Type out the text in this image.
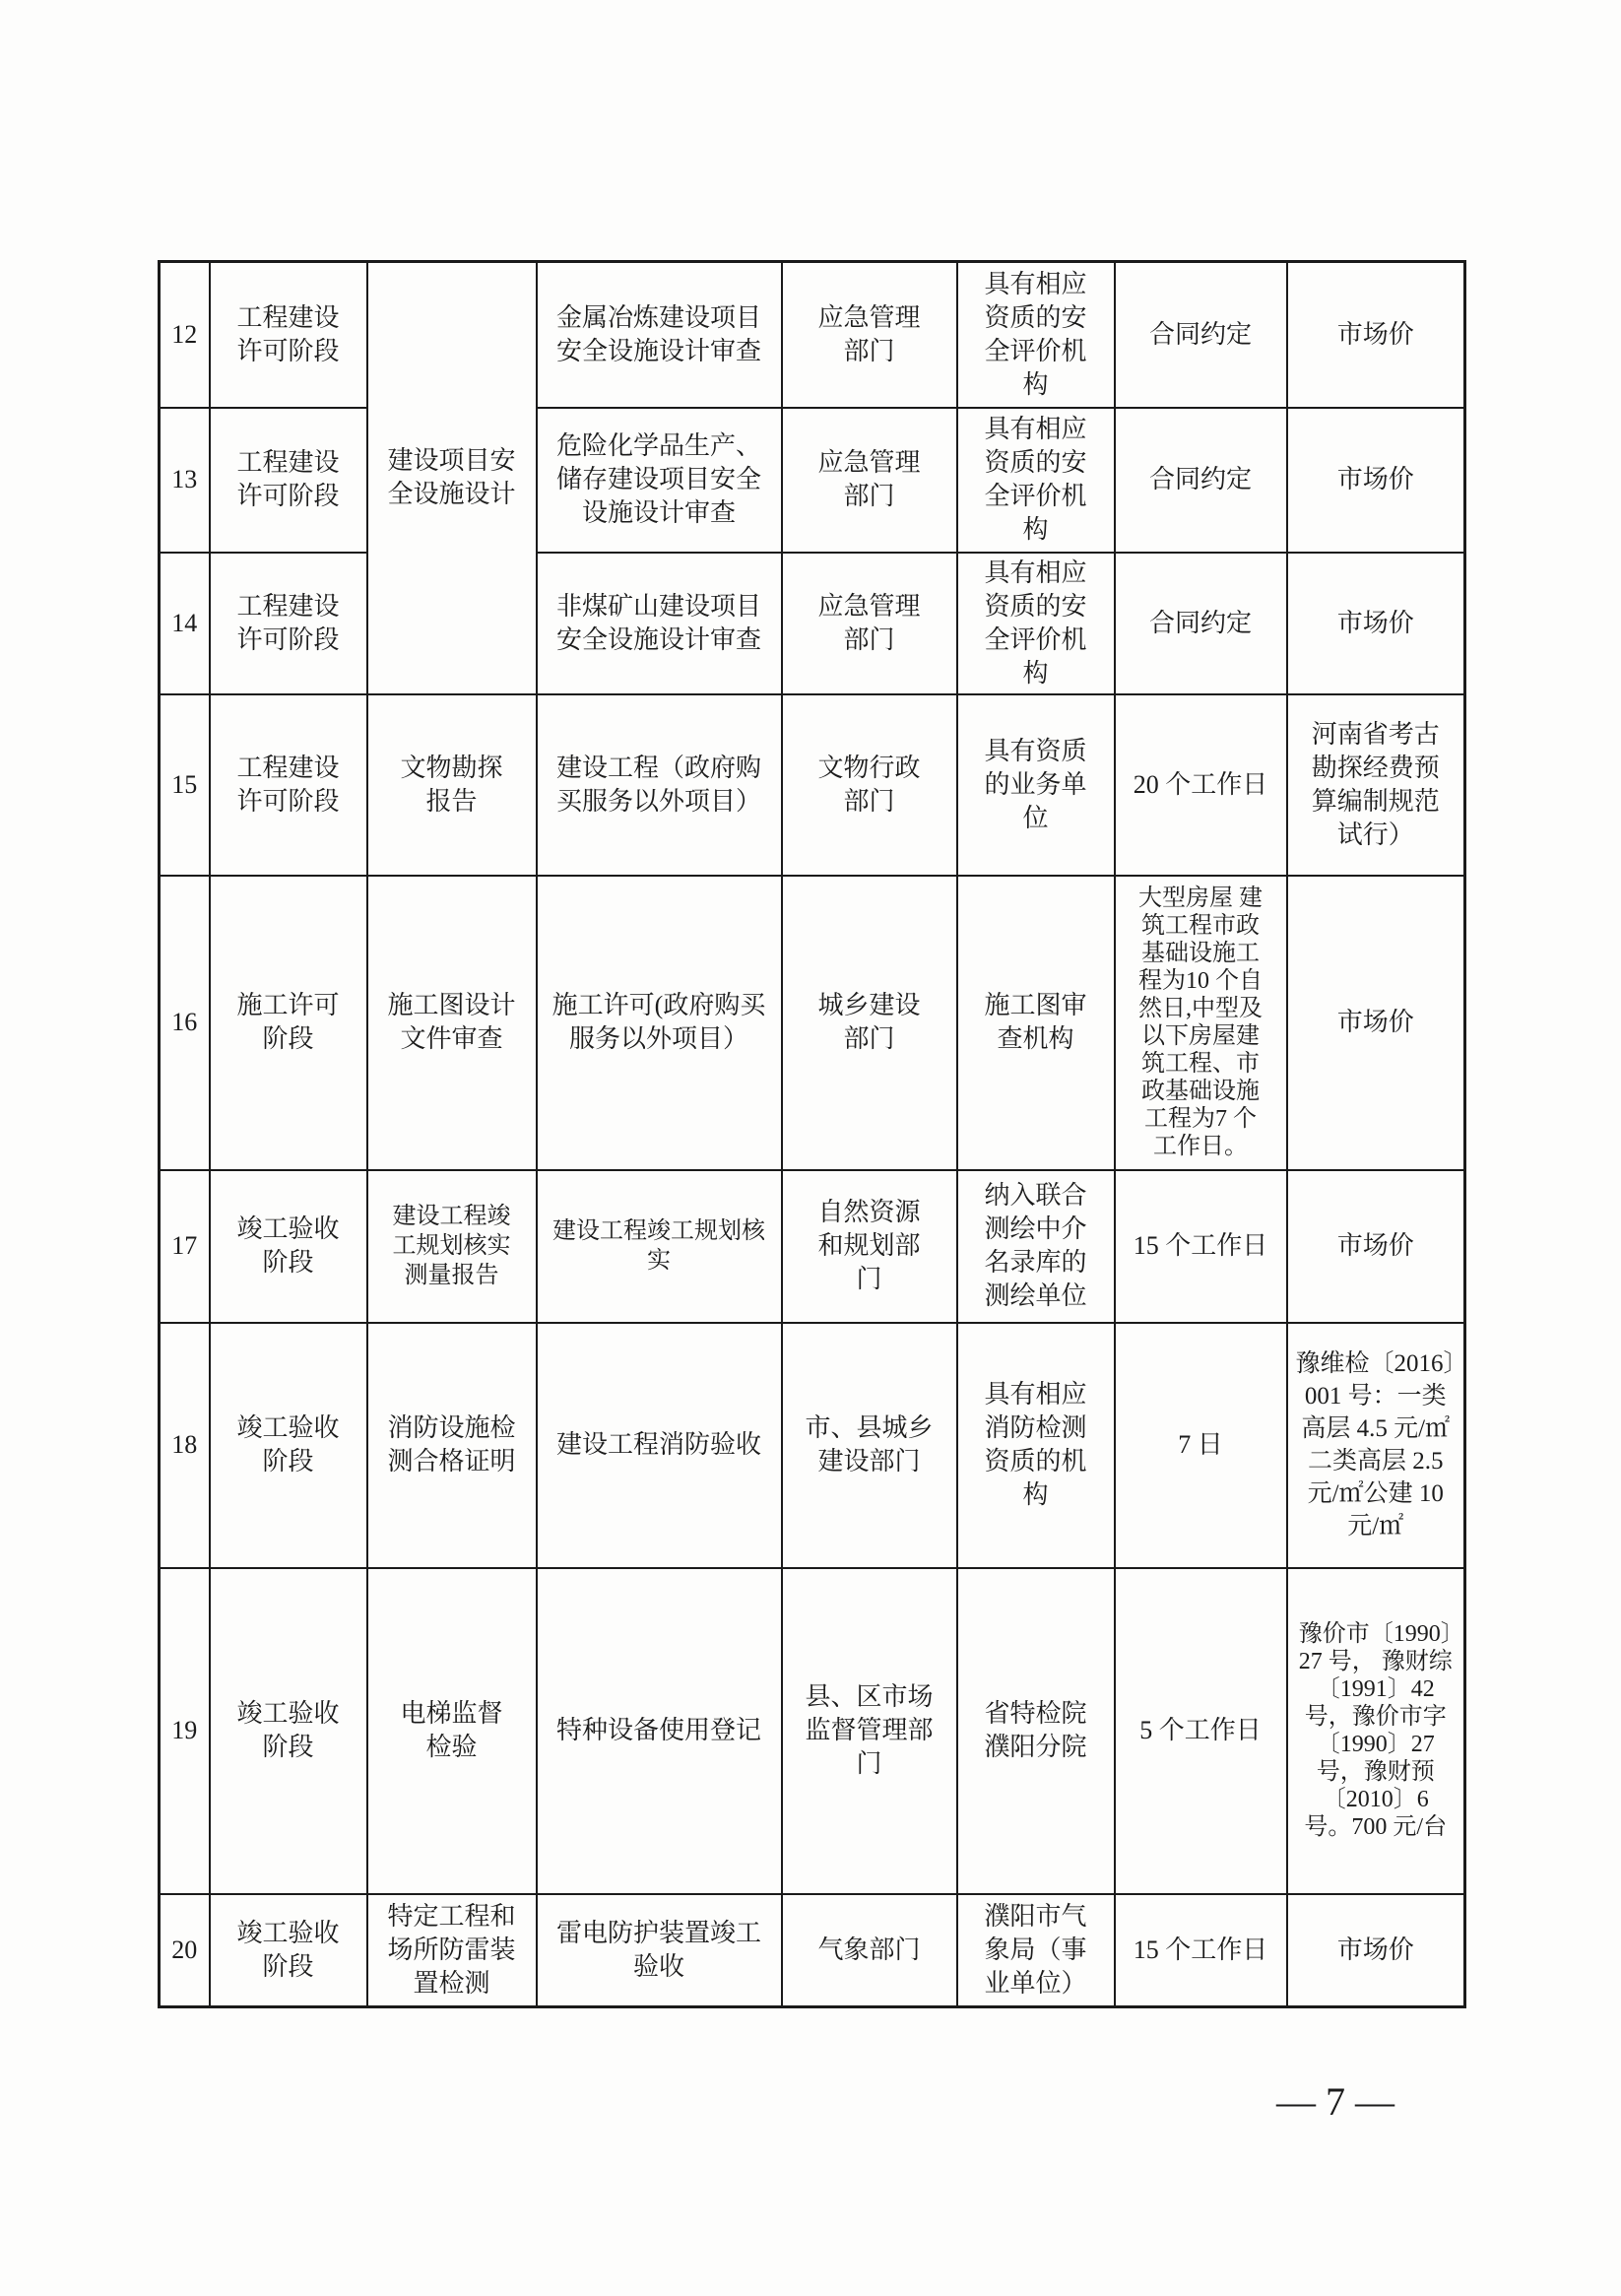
12	工程建设许可阶段	建设项目安全设施设计	金属冶炼建设项目安全设施设计审查	应急管理部门	具有相应资质的安全评价机构	合同约定	市场价

13	工程建设许可阶段		危险化学品生产、储存建设项目安全设施设计审查	应急管理部门	具有相应资质的安全评价机构	合同约定	市场价

14	工程建设许可阶段		非煤矿山建设项目安全设施设计审查	应急管理部门	具有相应资质的安全评价机构	合同约定	市场价

15	工程建设许可阶段	文物勘探报告	建设工程（政府购买服务以外项目）	文物行政部门	具有资质的业务单位	20 个工作日	河南省考古勘探经费预算编制规范试行）

16	施工许可阶段	施工图设计文件审查	施工许可(政府购买服务以外项目）	城乡建设部门	施工图审查机构	大型房屋 建筑工程市政基础设施工程为10 个自然日,中型及以下房屋建筑工程、市政基础设施工程为7 个工作日。	市场价

17	竣工验收阶段	建设工程竣工规划核实测量报告	建设工程竣工规划核实	自然资源和规划部门	纳入联合测绘中介名录库的测绘单位	15 个工作日	市场价

18	竣工验收阶段	消防设施检测合格证明	建设工程消防验收	市、县城乡建设部门	具有相应消防检测资质的机构	7 日	豫维检〔2016〕001 号：一类高层 4.5 元/㎡二类高层 2.5 元/㎡公建 10 元/㎡

19	竣工验收阶段	电梯监督检验	特种设备使用登记	县、区市场监督管理部门	省特检院濮阳分院	5 个工作日	豫价市〔1990〕27 号， 豫财综 〔1991〕42 号，豫价市字〔1990〕27 号，豫财预〔2010〕6 号。700 元/台

20	竣工验收阶段	特定工程和场所防雷装置检测	雷电防护装置竣工验收	气象部门	濮阳市气象局（事业单位）	15 个工作日	市场价
— 7 —
